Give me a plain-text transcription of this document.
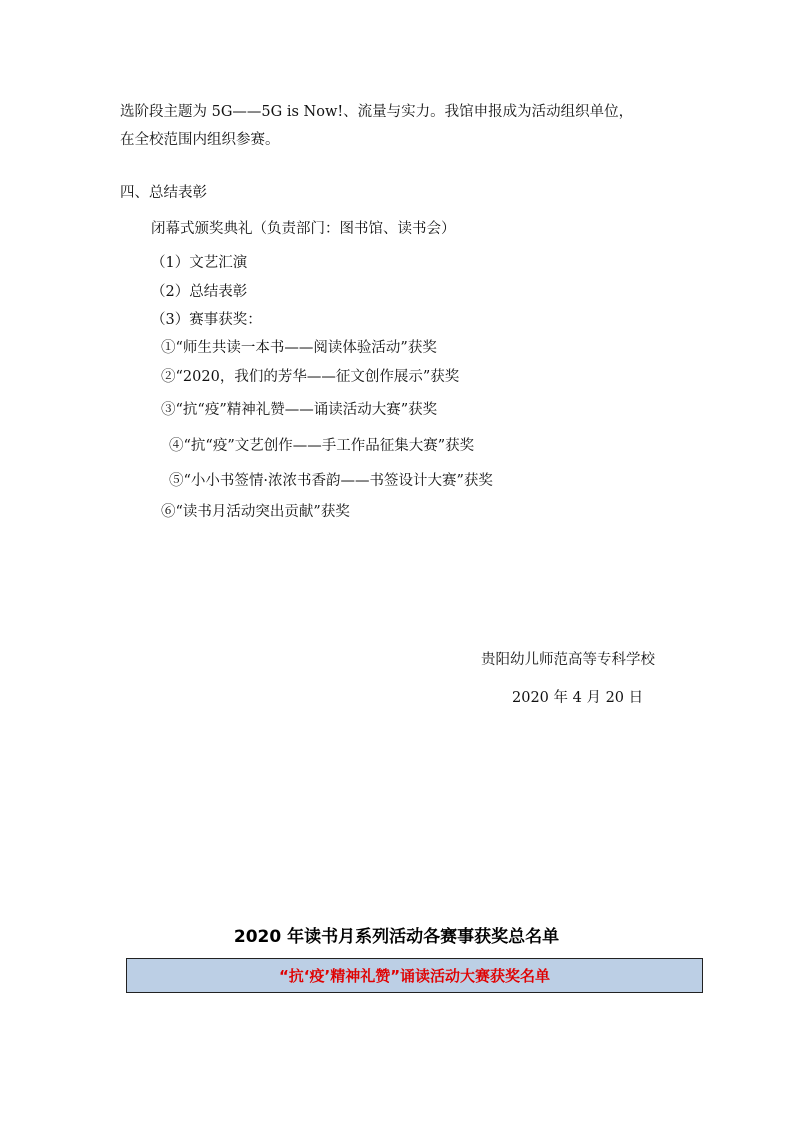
选阶段主题为 5G——5G is Now!、流量与实力。我馆申报成为活动组织单位，
在全校范围内组织参赛。
四、总结表彰
闭幕式颁奖典礼（负责部门：图书馆、读书会）
（1）文艺汇演
（2）总结表彰
（3）赛事获奖：
①“师生共读一本书——阅读体验活动”获奖
②“2020，我们的芳华——征文创作展示”获奖
③“抗“疫”精神礼赞——诵读活动大赛”获奖
④“抗“疫”文艺创作——手工作品征集大赛”获奖
⑤“小小书签情·浓浓书香韵——书签设计大赛”获奖
⑥“读书月活动突出贡献”获奖
贵阳幼儿师范高等专科学校
2020 年 4 月 20 日
2020 年读书月系列活动各赛事获奖总名单
“抗‘疫’精神礼赞”诵读活动大赛获奖名单
